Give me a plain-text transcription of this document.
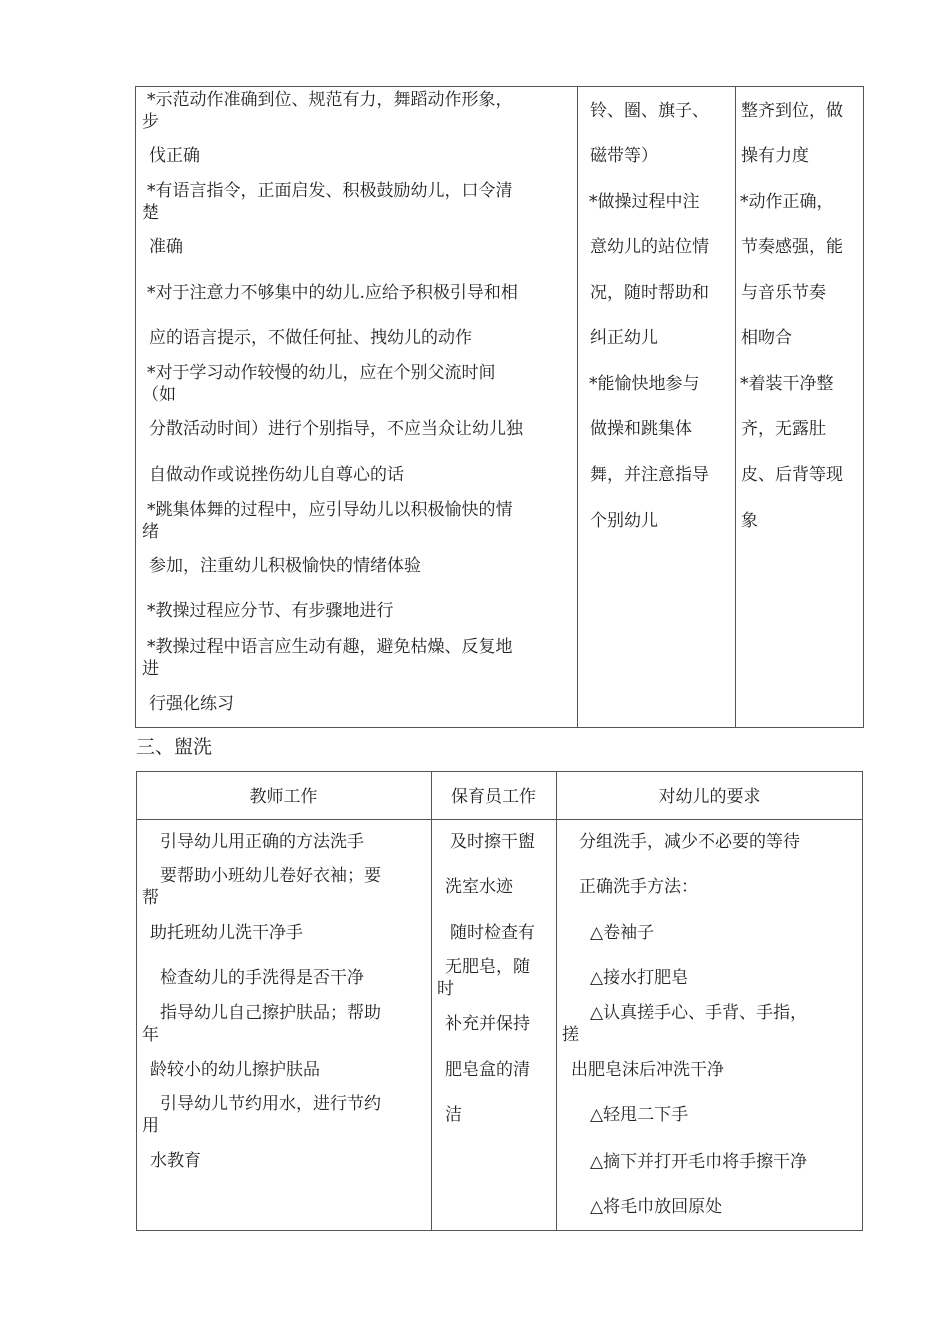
*示范动作准确到位、规范有力，舞蹈动作形象，
步
伐正确
*有语言指令，正面启发、积极鼓励幼儿，口令清
楚
准确
*对于注意力不够集中的幼儿.应给予积极引导和相
应的语言提示，不做任何扯、拽幼儿的动作
*对于学习动作较慢的幼儿，应在个别父流时间
（如
分散活动时间）进行个别指导，不应当众让幼儿独
自做动作或说挫伤幼儿自尊心的话
*跳集体舞的过程中，应引导幼儿以积极愉快的情
绪
参加，注重幼儿积极愉快的情绪体验
*教操过程应分节、有步骤地进行
*教操过程中语言应生动有趣，避免枯燥、反复地
进
行强化练习
铃、圈、旗子、
磁带等）
*做操过程中注
意幼儿的站位情
况，随时帮助和
纠正幼儿
*能愉快地参与
做操和跳集体
舞，并注意指导
个别幼儿
整齐到位，做
操有力度
*动作正确，
节奏感强，能
与音乐节奏
相吻合
*着装干净整
齐，无露肚
皮、后背等现
象
三、盥洗
教师工作	保育员工作	对幼儿的要求
引导幼儿用正确的方法洗手
要帮助小班幼儿卷好衣袖；要
帮
助托班幼儿洗干净手
检查幼儿的手洗得是否干净
指导幼儿自己擦护肤品；帮助
年
龄较小的幼儿擦护肤品
引导幼儿节约用水，进行节约
用
水教育
及时擦干盥
洗室水迹
随时检查有
无肥皂，随
时
补充并保持
肥皂盒的清
洁
分组洗手，减少不必要的等待
正确洗手方法：
△卷袖子
△接水打肥皂
△认真搓手心、手背、手指，
搓
出肥皂沫后冲洗干净
△轻甩二下手
△摘下并打开毛巾将手擦干净
△将毛巾放回原处
